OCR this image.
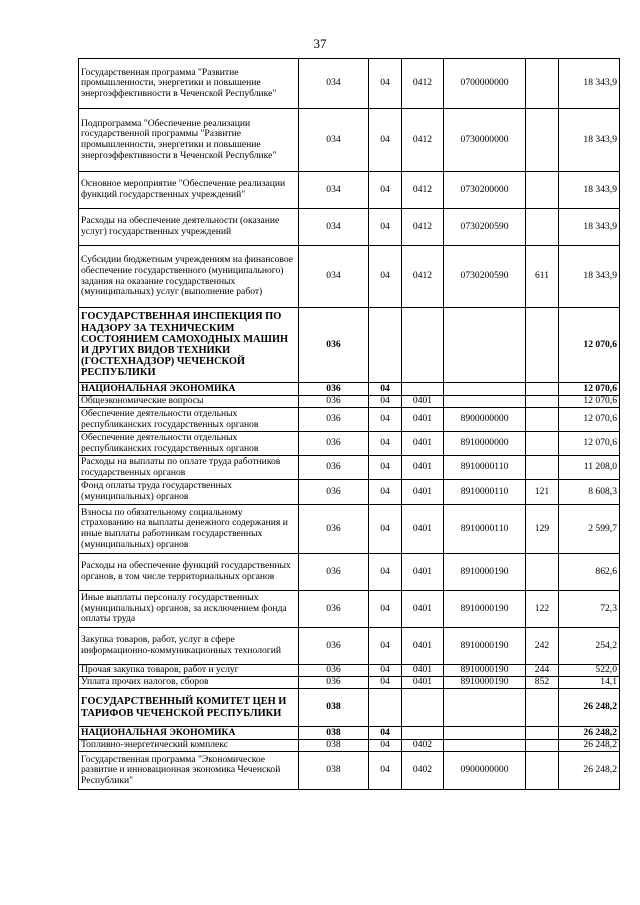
37
Государственная программа "Развитие промышленности, энергетики и повышение энергоэффективности в Чеченской Республике"	034	04	0412	0700000000		18 343,9
Подпрограмма "Обеспечение реализации государственной программы "Развитие промышленности, энергетики и повышение энергоэффективности в Чеченской Республике"	034	04	0412	0730000000		18 343,9
Основное мероприятие "Обеспечение реализации функций государственных учреждений"	034	04	0412	0730200000		18 343,9
Расходы на обеспечение деятельности (оказание услуг) государственных учреждений	034	04	0412	0730200590		18 343,9
Субсидии бюджетным учреждениям на финансовое обеспечение государственного (муниципального) задания на оказание государственных (муниципальных) услуг (выполнение работ)	034	04	0412	0730200590	611	18 343,9
ГОСУДАРСТВЕННАЯ ИНСПЕКЦИЯ ПО НАДЗОРУ ЗА ТЕХНИЧЕСКИМ СОСТОЯНИЕМ САМОХОДНЫХ МАШИН И ДРУГИХ ВИДОВ ТЕХНИКИ (ГОСТЕХНАДЗОР) ЧЕЧЕНСКОЙ РЕСПУБЛИКИ	036					12 070,6
НАЦИОНАЛЬНАЯ ЭКОНОМИКА	036	04				12 070,6
Общеэкономические вопросы	036	04	0401			12 070,6
Обеспечение деятельности отдельных республиканских государственных органов	036	04	0401	8900000000		12 070,6
Обеспечение деятельности отдельных республиканских государственных органов	036	04	0401	8910000000		12 070,6
Расходы на выплаты по оплате труда работников государственных органов	036	04	0401	8910000110		11 208,0
Фонд оплаты труда государственных (муниципальных) органов	036	04	0401	8910000110	121	8 608,3
Взносы по обязательному социальному страхованию на выплаты денежного содержания и иные выплаты работникам государственных (муниципальных) органов	036	04	0401	8910000110	129	2 599,7
Расходы на обеспечение функций государственных органов, в том числе территориальных органов	036	04	0401	8910000190		862,6
Иные выплаты персоналу государственных (муниципальных) органов, за исключением фонда оплаты труда	036	04	0401	8910000190	122	72,3
Закупка товаров, работ, услуг в сфере информационно-коммуникационных технологий	036	04	0401	8910000190	242	254,2
Прочая закупка товаров, работ и услуг	036	04	0401	8910000190	244	522,0
Уплата прочих налогов, сборов	036	04	0401	8910000190	852	14,1
ГОСУДАРСТВЕННЫЙ КОМИТЕТ ЦЕН И ТАРИФОВ ЧЕЧЕНСКОЙ РЕСПУБЛИКИ	038					26 248,2
НАЦИОНАЛЬНАЯ ЭКОНОМИКА	038	04				26 248,2
Топливно-энергетический комплекс	038	04	0402			26 248,2
Государственная программа "Экономическое развитие и инновационная экономика Чеченской Республики"	038	04	0402	0900000000		26 248,2
